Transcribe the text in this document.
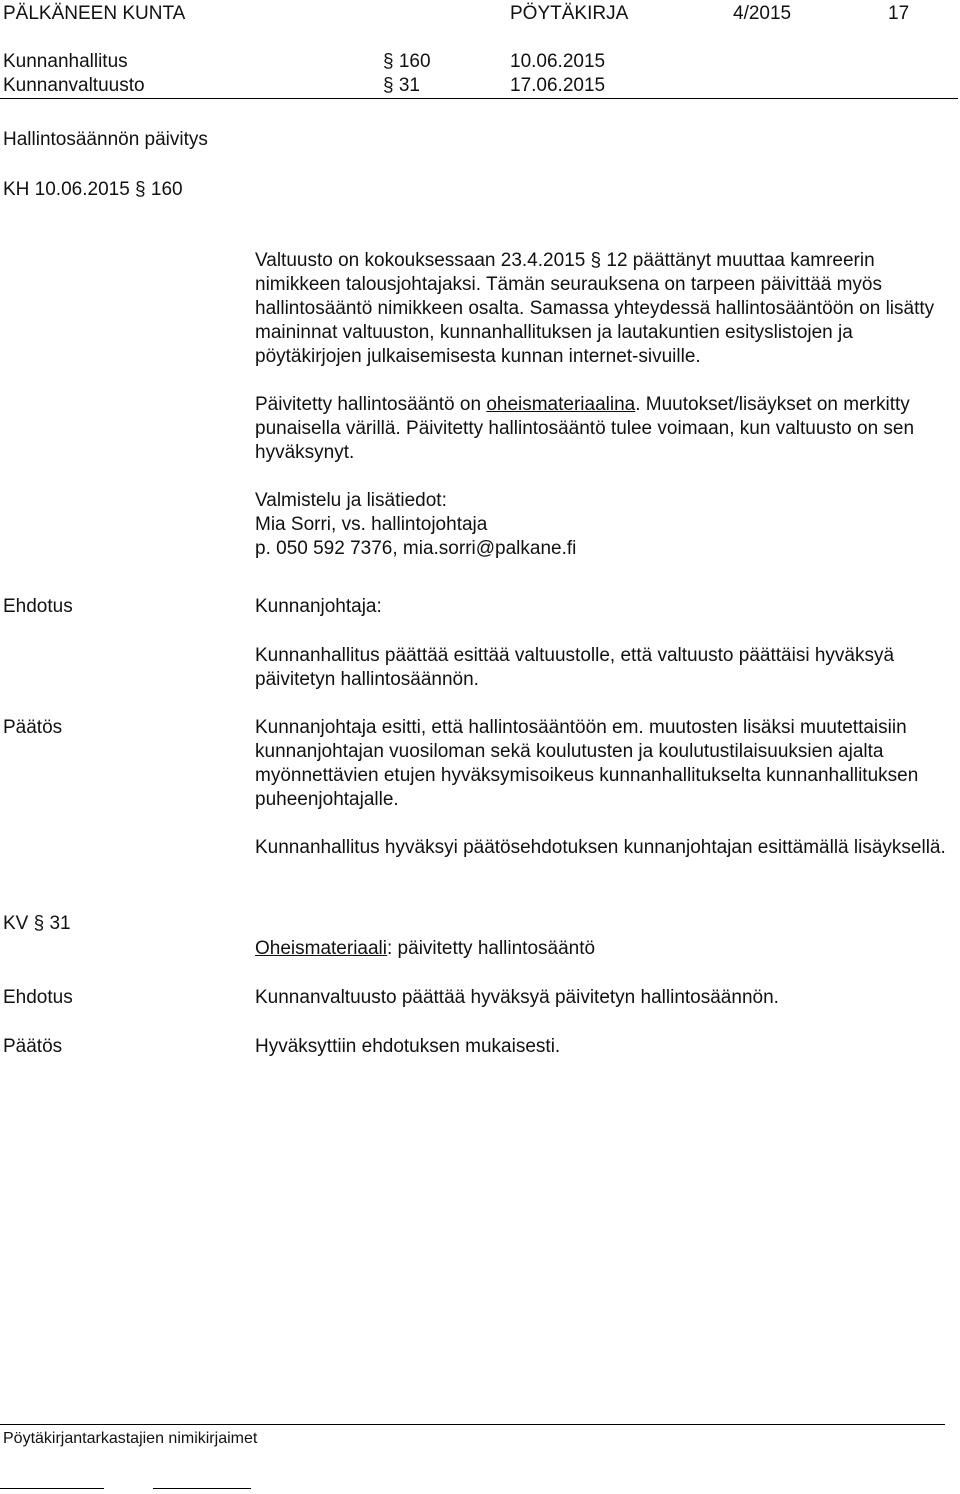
PÄLKÄNEEN KUNTA	PÖYTÄKIRJA	4/2015	17
Kunnanhallitus	§ 160	10.06.2015
Kunnanvaltuusto	§ 31	17.06.2015
Hallintosäännön päivitys
KH 10.06.2015 § 160

Valtuusto on kokouksessaan 23.4.2015 § 12 päättänyt muuttaa kamreerin nimikkeen talousjohtajaksi. Tämän seurauksena on tarpeen päivittää myös hallintosääntö nimikkeen osalta. Samassa yhteydessä hallintosääntöön on lisätty maininnat valtuuston, kunnanhallituksen ja lautakuntien esityslistojen ja pöytäkirjojen julkaisemisesta kunnan internet-sivuille.

Päivitetty hallintosääntö on oheismateriaalina. Muutokset/lisäykset on merkitty punaisella värillä. Päivitetty hallintosääntö tulee voimaan, kun valtuusto on sen hyväksynyt.

Valmistelu ja lisätiedot:

Mia Sorri, vs. hallintojohtaja

p. 050 592 7376, mia.sorri@palkane.fi

Ehdotus	Kunnanjohtaja:

Kunnanhallitus päättää esittää valtuustolle, että valtuusto päättäisi hyväksyä päivitetyn hallintosäännön.

Päätös	Kunnanjohtaja esitti, että hallintosääntöön em. muutosten lisäksi muutettaisiin kunnanjohtajan vuosiloman sekä koulutusten ja koulutustilaisuuksien ajalta myönnettävien etujen hyväksymisoikeus kunnanhallitukselta kunnanhallituksen puheenjohtajalle.

Kunnanhallitus hyväksyi päätösehdotuksen kunnanjohtajan esittämällä lisäyksellä.

KV § 31
Oheismateriaali: päivitetty hallintosääntö
Ehdotus	Kunnanvaltuusto päättää hyväksyä päivitetyn hallintosäännön.
Päätös	Hyväksyttiin ehdotuksen mukaisesti.
Pöytäkirjantarkastajien nimikirjaimet
